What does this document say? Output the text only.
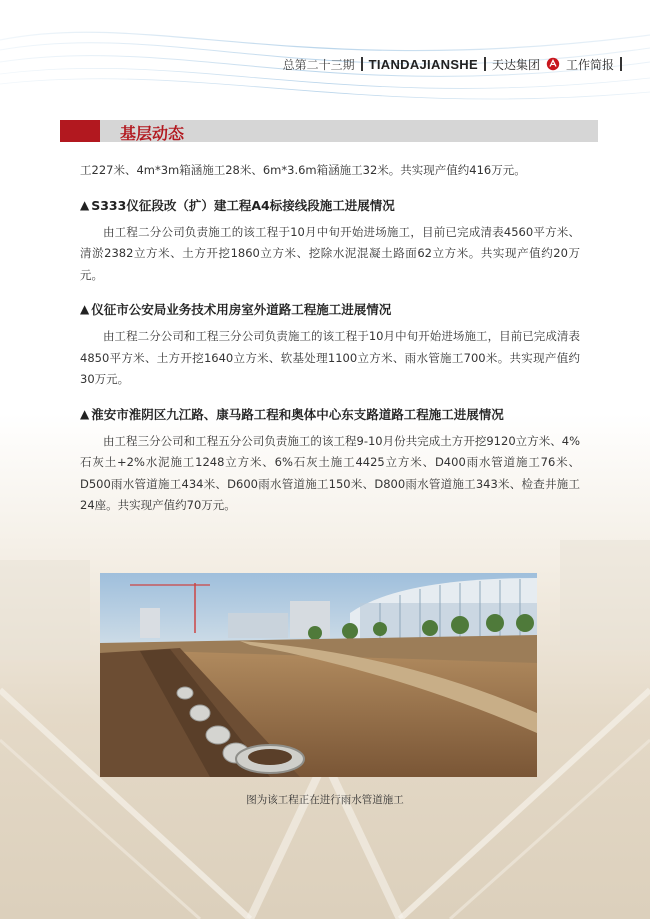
总第二十三期 TIANDAJIANSHE 天达集团 工作简报
基层动态

工227米、4m*3m箱涵施工28米、6m*3.6m箱涵施工32米。共实现产值约416万元。

▲ S333仪征段改（扩）建工程A4标接线段施工进展情况

由工程二分公司负责施工的该工程于10月中旬开始进场施工，目前已完成清表4560平方米、清淤2382立方米、土方开挖1860立方米、挖除水泥混凝土路面62立方米。共实现产值约20万元。

▲ 仪征市公安局业务技术用房室外道路工程施工进展情况

由工程二分公司和工程三分公司负责施工的该工程于10月中旬开始进场施工，目前已完成清表4850平方米、土方开挖1640立方米、软基处理1100立方米、雨水管施工700米。共实现产值约30万元。

▲ 淮安市淮阴区九江路、康马路工程和奥体中心东支路道路工程施工进展情况

由工程三分公司和工程五分公司负责施工的该工程9-10月份共完成土方开挖9120立方米、4%石灰土+2%水泥施工1248立方米、6%石灰土施工4425立方米、D400雨水管道施工76米、D500雨水管道施工434米、D600雨水管道施工150米、D800雨水管道施工343米、检查井施工24座。共实现产值约70万元。

图为该工程正在进行雨水管道施工
